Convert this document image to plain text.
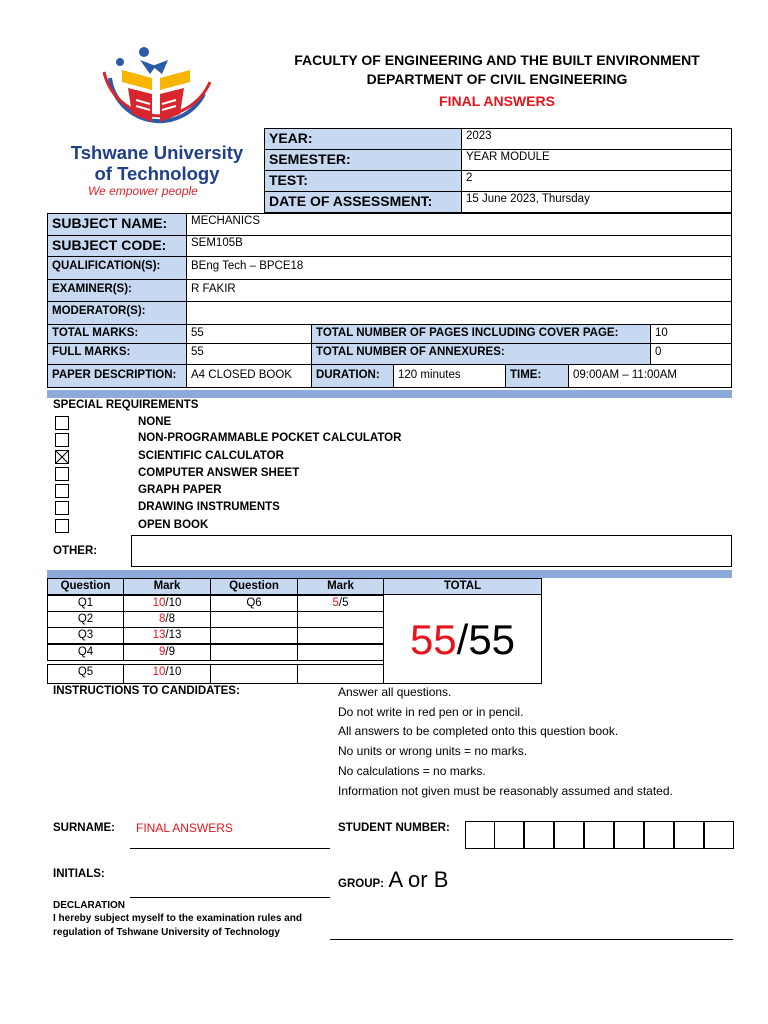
Tshwane University
of Technology
We empower people
FACULTY OF ENGINEERING AND THE BUILT ENVIRONMENT
DEPARTMENT OF CIVIL ENGINEERING
FINAL ANSWERS
YEAR:	2023
SEMESTER:	YEAR MODULE
TEST:	2
DATE OF ASSESSMENT:	15 June 2023, Thursday
SUBJECT NAME:	MECHANICS
SUBJECT CODE:	SEM105B
QUALIFICATION(S):	BEng Tech – BPCE18
EXAMINER(S):	R FAKIR
MODERATOR(S):
TOTAL MARKS:	55	TOTAL NUMBER OF PAGES INCLUDING COVER PAGE:	10
FULL MARKS:	55	TOTAL NUMBER OF ANNEXURES:	0
PAPER DESCRIPTION:	A4 CLOSED BOOK	DURATION:	120 minutes	TIME:	09:00AM – 11:00AM
SPECIAL REQUIREMENTS
NONE
NON-PROGRAMMABLE POCKET CALCULATOR
SCIENTIFIC CALCULATOR
COMPUTER ANSWER SHEET
GRAPH PAPER
DRAWING INSTRUMENTS
OPEN BOOK
OTHER:
Question	Mark	Question	Mark	TOTAL
Q1	10/10	Q6	5/5
Q2	8/8
Q3	13/13
Q4	9/9
Q5	10/10
55/55
INSTRUCTIONS TO CANDIDATES:	Answer all questions.
Do not write in red pen or in pencil.
All answers to be completed onto this question book.
No units or wrong units = no marks.
No calculations = no marks.
Information not given must be reasonably assumed and stated.
SURNAME: FINAL ANSWERS	STUDENT NUMBER:
INITIALS:
GROUP: A or B
DECLARATION
I hereby subject myself to the examination rules and
regulation of Tshwane University of Technology
